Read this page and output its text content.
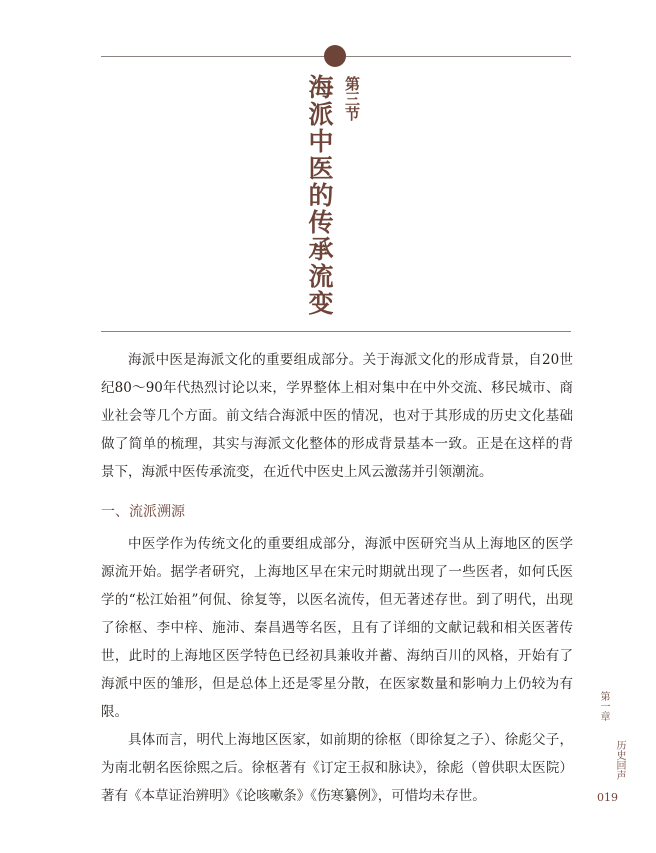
海派中医的传承流变 第三节

海派中医是海派文化的重要组成部分。关于海派文化的形成背景，自20世纪80～90年代热烈讨论以来，学界整体上相对集中在中外交流、移民城市、商业社会等几个方面。前文结合海派中医的情况，也对于其形成的历史文化基础做了简单的梳理，其实与海派文化整体的形成背景基本一致。正是在这样的背景下，海派中医传承流变，在近代中医史上风云激荡并引领潮流。

一、流派溯源

中医学作为传统文化的重要组成部分，海派中医研究当从上海地区的医学源流开始。据学者研究，上海地区早在宋元时期就出现了一些医者，如何氏医学的“松江始祖”何侃、徐复等，以医名流传，但无著述存世。到了明代，出现了徐枢、李中梓、施沛、秦昌遇等名医，且有了详细的文献记载和相关医著传世，此时的上海地区医学特色已经初具兼收并蓄、海纳百川的风格，开始有了海派中医的雏形，但是总体上还是零星分散，在医家数量和影响力上仍较为有限。

具体而言，明代上海地区医家，如前期的徐枢（即徐复之子）、徐彪父子，为南北朝名医徐熙之后。徐枢著有《订定王叔和脉诀》，徐彪（曾供职太医院）著有《本草证治辨明》《论咳嗽条》《伤寒纂例》，可惜均未存世。

第一章
历史回声
019
